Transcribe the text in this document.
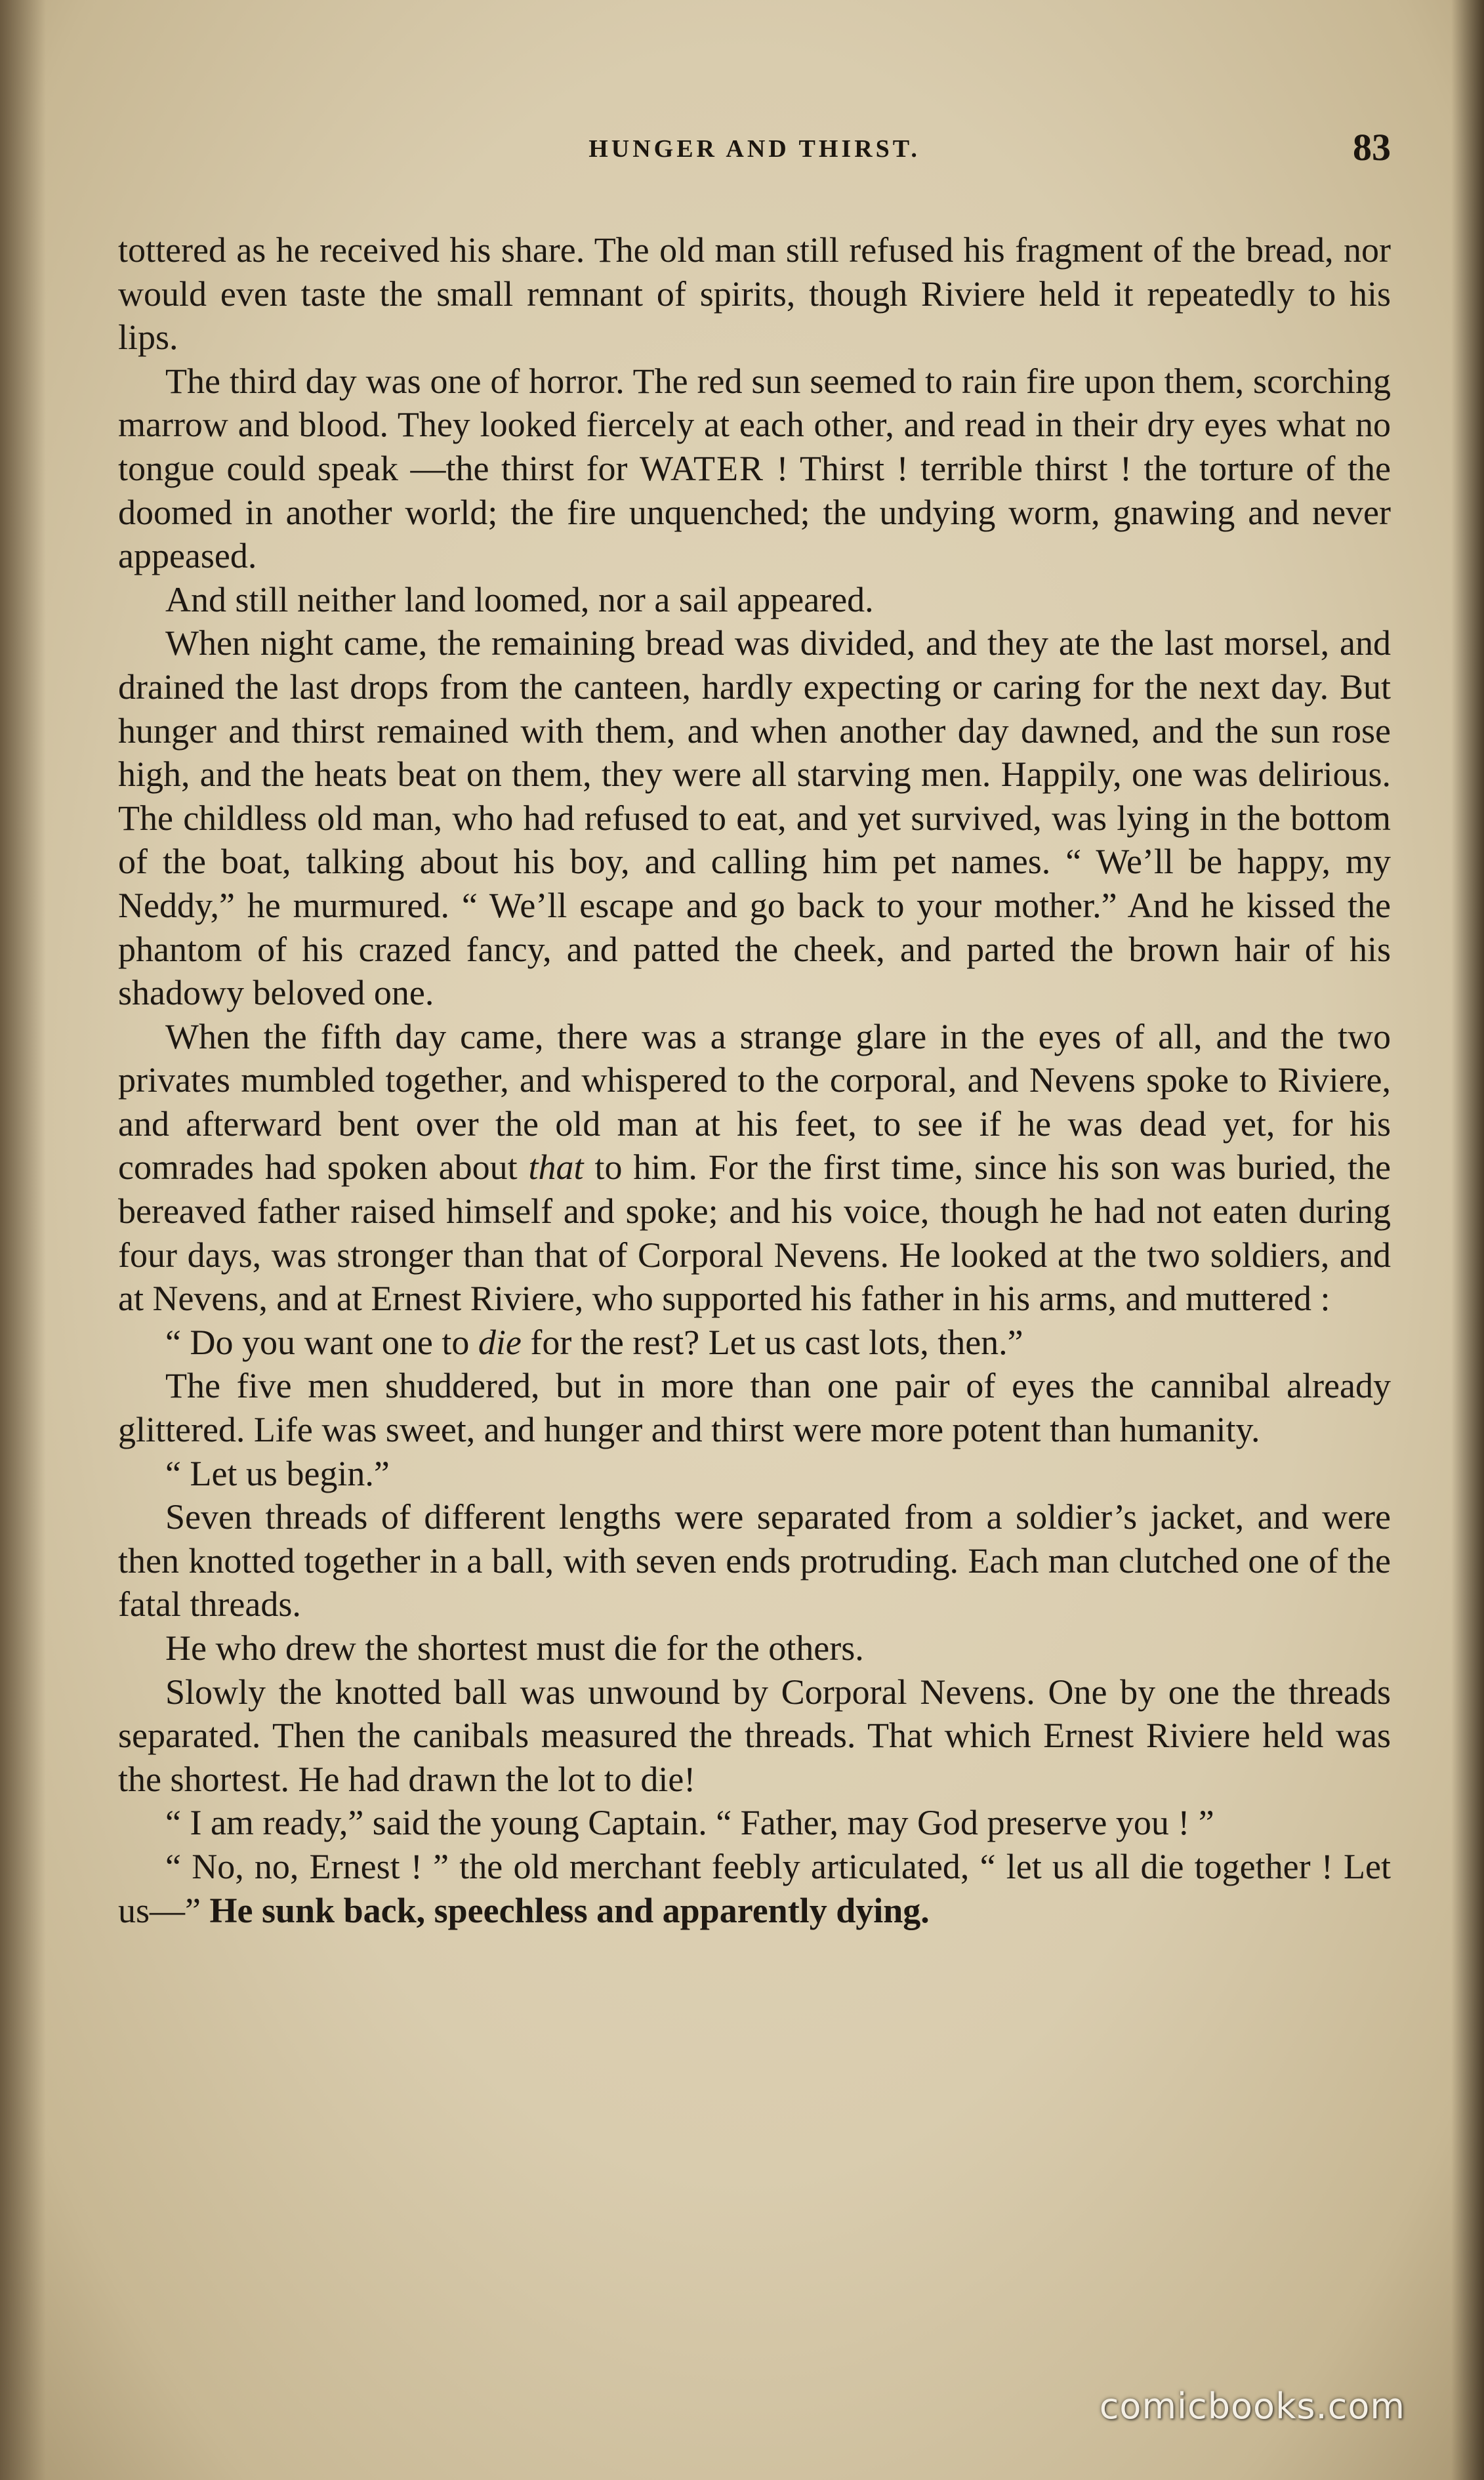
HUNGER AND THIRST.	83

tottered as he received his share. The old man still refused his fragment of the bread, nor would even taste the small remnant of spirits, though Riviere held it repeatedly to his lips.

The third day was one of horror. The red sun seemed to rain fire upon them, scorching marrow and blood. They looked fiercely at each other, and read in their dry eyes what no tongue could speak —the thirst for WATER ! Thirst ! terrible thirst ! the torture of the doomed in another world; the fire unquenched; the undying worm, gnawing and never appeased.

And still neither land loomed, nor a sail appeared.

When night came, the remaining bread was divided, and they ate the last morsel, and drained the last drops from the canteen, hardly expecting or caring for the next day. But hunger and thirst remained with them, and when another day dawned, and the sun rose high, and the heats beat on them, they were all starving men. Happily, one was delirious. The childless old man, who had refused to eat, and yet survived, was lying in the bottom of the boat, talking about his boy, and calling him pet names. “ We’ll be happy, my Neddy,” he murmured. “ We’ll escape and go back to your mother.” And he kissed the phantom of his crazed fancy, and patted the cheek, and parted the brown hair of his shadowy beloved one.

When the fifth day came, there was a strange glare in the eyes of all, and the two privates mumbled together, and whispered to the corporal, and Nevens spoke to Riviere, and afterward bent over the old man at his feet, to see if he was dead yet, for his comrades had spoken about that to him. For the first time, since his son was buried, the bereaved father raised himself and spoke; and his voice, though he had not eaten during four days, was stronger than that of Corporal Nevens. He looked at the two soldiers, and at Nevens, and at Ernest Riviere, who supported his father in his arms, and muttered :

“ Do you want one to die for the rest? Let us cast lots, then.”

The five men shuddered, but in more than one pair of eyes the cannibal already glittered. Life was sweet, and hunger and thirst were more potent than humanity.

“ Let us begin.”

Seven threads of different lengths were separated from a soldier’s jacket, and were then knotted together in a ball, with seven ends protruding. Each man clutched one of the fatal threads.

He who drew the shortest must die for the others.

Slowly the knotted ball was unwound by Corporal Nevens. One by one the threads separated. Then the canibals measured the threads. That which Ernest Riviere held was the shortest. He had drawn the lot to die!

“ I am ready,” said the young Captain. “ Father, may God preserve you ! ”

“ No, no, Ernest ! ” the old merchant feebly articulated, “ let us all die together ! Let us—” He sunk back, speechless and apparently dying.

comicbooks.com
